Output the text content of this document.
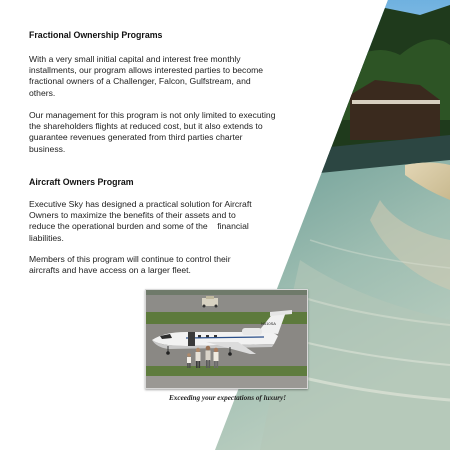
Fractional Ownership Programs

With a very small initial capital and interest free monthly installments, our program allows interested parties to become fractional owners of a Challenger, Falcon, Gulfstream, and others.

Our management for this program is not only limited to executing the shareholders flights at reduced cost, but it also extends to guarantee revenues generated from third parties charter business.

Aircraft Owners Program

Executive Sky has designed a practical solution for Aircraft Owners to maximize the benefits of their assets and to reduce the operational burden and some of the    financial liabilities.

Members of this program will continue to control their   aircrafts and have access on a larger fleet.

N510SA
Exceeding your expectations of luxury!
